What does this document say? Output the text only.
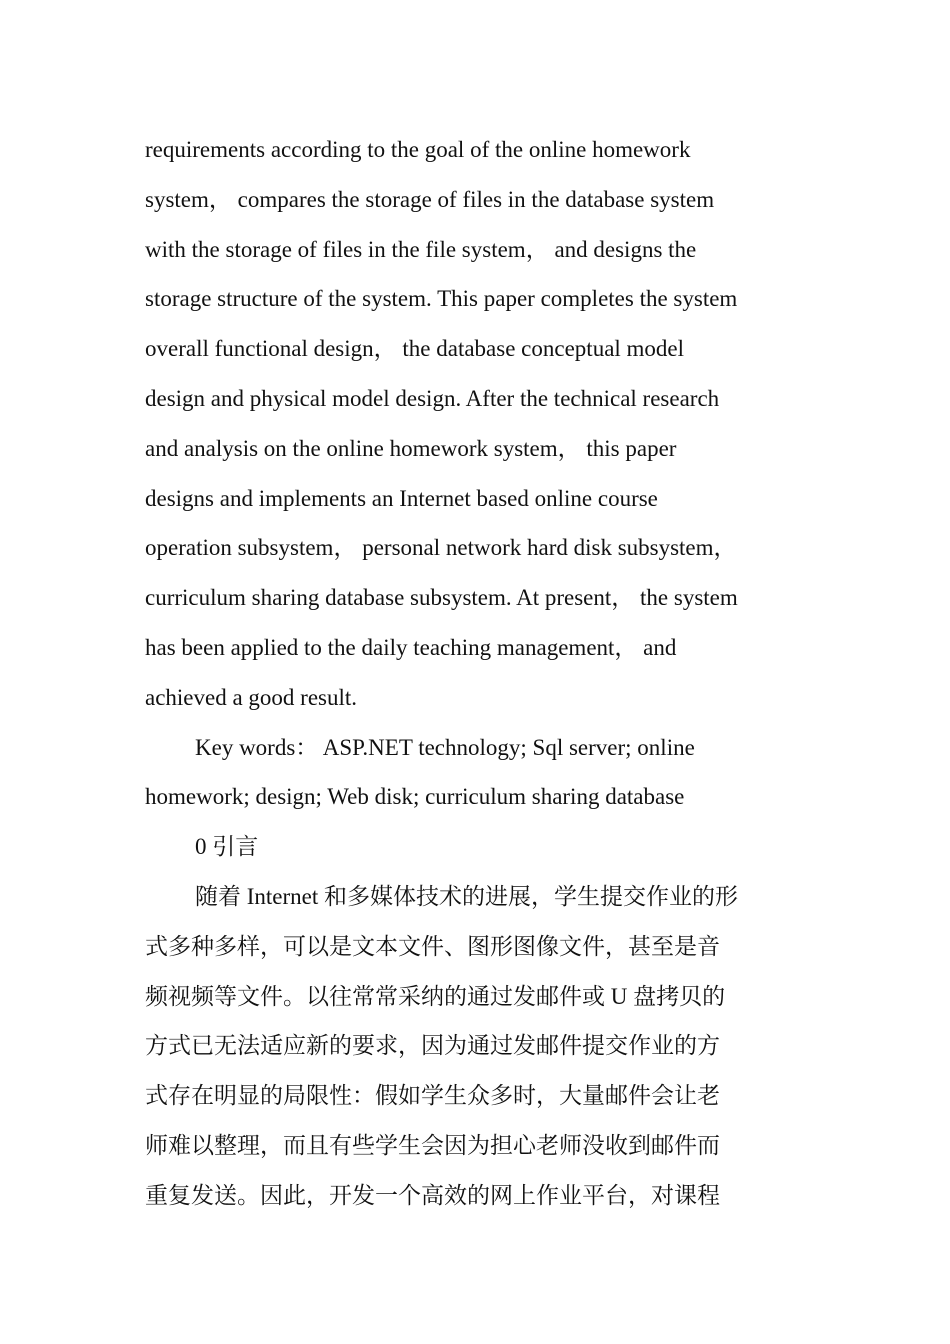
requirements according to the goal of the online homework
system， compares the storage of files in the database system
with the storage of files in the file system， and designs the
storage structure of the system. This paper completes the system
overall functional design， the database conceptual model
design and physical model design. After the technical research
and analysis on the online homework system， this paper
designs and implements an Internet based online course
operation subsystem， personal network hard disk subsystem，
curriculum sharing database subsystem. At present， the system
has been applied to the daily teaching management， and
achieved a good result.
Key words： ASP.NET technology; Sql server; online
homework; design; Web disk; curriculum sharing database
0 引言
随着 Internet 和多媒体技术的进展，学生提交作业的形
式多种多样，可以是文本文件、图形图像文件，甚至是音
频视频等文件。以往常常采纳的通过发邮件或 U 盘拷贝的
方式已无法适应新的要求，因为通过发邮件提交作业的方
式存在明显的局限性：假如学生众多时，大量邮件会让老
师难以整理，而且有些学生会因为担心老师没收到邮件而
重复发送。因此，开发一个高效的网上作业平台，对课程
